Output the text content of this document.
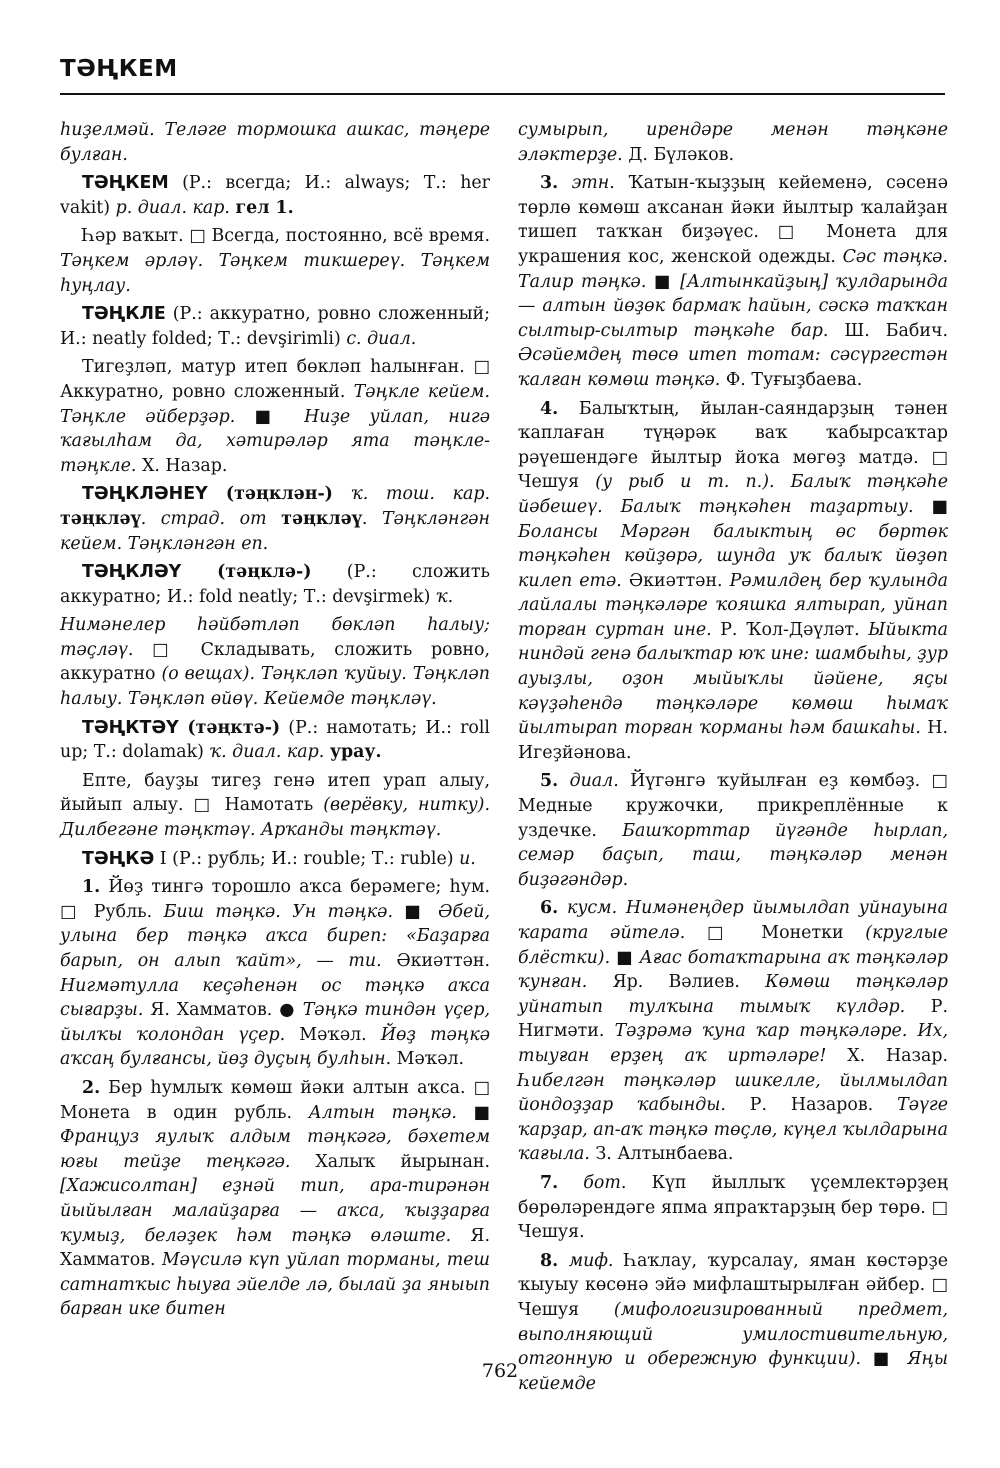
ТӘҢКЕМ

һиҙелмәй. Теләге тормошка ашкас, тәңере булған.

ТӘҢКЕМ (Р.: всегда; И.: always; Т.: her vakit) р. диал. кар. гел 1.

Һәр ваҡыт. □ Всегда, постоянно, всё время. Тәңкем әрләү. Тәңкем тикшереү. Тәңкем һуңлау.

ТӘҢКЛЕ (Р.: аккуратно, ровно сложенный; И.: neatly folded; Т.: devşirimli) с. диал.

Тигеҙләп, матур итеп бөкләп һалынған. □ Аккуратно, ровно сложенный. Тәңкле кейем. Тәңкле әйберҙәр. ■ Ниҙе уйлап, нигә ҡағылһам да, хәтирәләр ята тәңкле-тәңкле. Х. Назар.

ТӘҢКЛӘНЕҮ (тәңклән-) ҡ. тош. кар. тәңкләү. страд. от тәңкләү. Тәңкләнгән кейем. Тәңкләнгән еп.

ТӘҢКЛӘҮ (тәңклә-) (Р.: сложить аккуратно; И.: fold neatly; Т.: devşirmek) ҡ.

Нимәнелер һәйбәтләп бөкләп һалыу; тәҫләү. □ Складывать, сложить ровно, аккуратно (о вещах). Тәңкләп ҡуйыу. Тәңкләп һалыу. Тәңкләп өйөү. Кейемде тәңкләү.

ТӘҢКТӘҮ (тәңктә-) (Р.: намотать; И.: roll up; Т.: dolamak) ҡ. диал. кар. урау.

Епте, бауҙы тигеҙ генә итеп урап алыу, йыйып алыу. □ Намотать (верёвку, нитку). Дилбегәне тәңктәү. Арҡанды тәңктәү.

ТӘҢКӘ I (Р.: рубль; И.: rouble; Т.: ruble) и.

1. Йөҙ тингә торошло аҡса берәмеге; һум. □ Рубль. Биш тәңкә. Ун тәңкә. ■ Әбей, улына бер тәңкә аҡса биреп: «Баҙарға барып, он алып ҡайт», — ти. Әкиәттән. Нигмәтулла кеҫәһенән ос тәңкә аҡса сығарҙы. Я. Хамматов. ● Тәңкә тиндән үҫер, йылҡы ҡолондан үҫер. Мәҡәл. Йөҙ тәңкә аҡсаң булғансы, йөҙ дуҫың булһын. Мәҡәл.

2. Бер һумлыҡ көмөш йәки алтын аҡса. □ Монета в один рубль. Алтын тәңкә. ■ Француз яулыҡ алдым тәңкәгә, бәхетем юғы тейҙе теңкәгә. Халыҡ йырынан. [Хажисолтан] еҙнәй тип, ара-тирәнән йыйылған малайҙарға — аҡса, ҡыҙҙарға ҡумыҙ, беләҙек һәм тәңкә өләште. Я. Хамматов. Мәүсилә күп уйлап торманы, теш сатнатҡыс һыуға эйелде лә, былай ҙа яныып барған ике битен

сумырып, ирендәре менән тәңкәне эләктерҙе. Д. Бүләков.

3. этн. Ҡатын-ҡыҙҙың кейеменә, сәсенә төрлө көмөш аҡсанан йәки йылтыр ҡалайҙан тишеп таҡҡан биҙәүес. □ Монета для украшения кос, женской одежды. Сәс тәңкә. Талир тәңкә. ■ [Алтынкайҙың] ҡулдарында — алтын йөҙөк бармаҡ һайын, сәскә таҡҡан сылтыр-сылтыр тәңкәһе бар. Ш. Бабич. Әсәйемдең төсө итеп тотам: сәсүргестән ҡалған көмөш тәңкә. Ф. Туғыҙбаева.

4. Балыҡтың, йылан-саяндарҙың тәнен ҡаплаған түңәрәк ваҡ ҡабырсаҡтар рәүешендәге йылтыр йоҡа мөгөҙ матдә. □ Чешуя (у рыб и т. п.). Балыҡ тәңкәһе йәбешеү. Балыҡ тәңкәһен таҙартыу. ■ Болансы Мәргән балыктың өс бөртөк тәңкәһен көйҙөрә, шунда уҡ балыҡ йөҙөп килеп етә. Әкиәттән. Рәмилдең бер ҡулында лайлалы тәңкәләре ҡояшка ялтырап, уйнап торған суртан ине. Р. Ҡол-Дәүләт. Ыйыкта ниндәй генә балыҡтар юҡ ине: шамбыһы, ҙур ауыҙлы, оҙон мыйыҡлы йәйене, яҫы кәүҙәһендә тәңкәләре көмөш һымаҡ йылтырап торған ҡорманы һәм башкаһы. Н. Игеҙйәнова.

5. диал. Йүгәнгә ҡуйылған еҙ көмбәҙ. □ Медные кружочки, прикреплённые к уздечке. Башҡорттар йүгәнде һырлап, семәр баҫып, таш, тәңкәләр менән биҙәгәндәр.

6. кусм. Нимәнеңдер йымылдап уйнауына ҡарата әйтелә. □ Монетки (круглые блёстки). ■ Ағас ботаҡтарына аҡ тәңкәләр ҡунған. Яр. Вәлиев. Көмөш тәңкәләр уйнатып тулҡына тымыҡ күлдәр. Р. Нигмәти. Тәҙрәмә ҡуна ҡар тәңкәләре. Их, тыуған ерҙең аҡ иртәләре! Х. Назар. Һибелгән тәңкәләр шикелле, йылмылдап йондоҙҙар ҡабынды. Р. Назаров. Тәүге ҡарҙар, ап-аҡ тәңкә төҫлө, күңел ҡылдарына ҡағыла. З. Алтынбаева.

7. бот. Күп йыллыҡ үҫемлектәрҙең бөрөләрендәге япма япраҡтарҙың бер төрө. □ Чешуя.

8. миф. Һаҡлау, ҡурсалау, яман көстәрҙе ҡыуыу көсөнә эйә мифлаштырылған әйбер. □ Чешуя (мифологизированный предмет, выполняющий умилостивительную, отгонную и обережную функции). ■ Яңы кейемде

762
